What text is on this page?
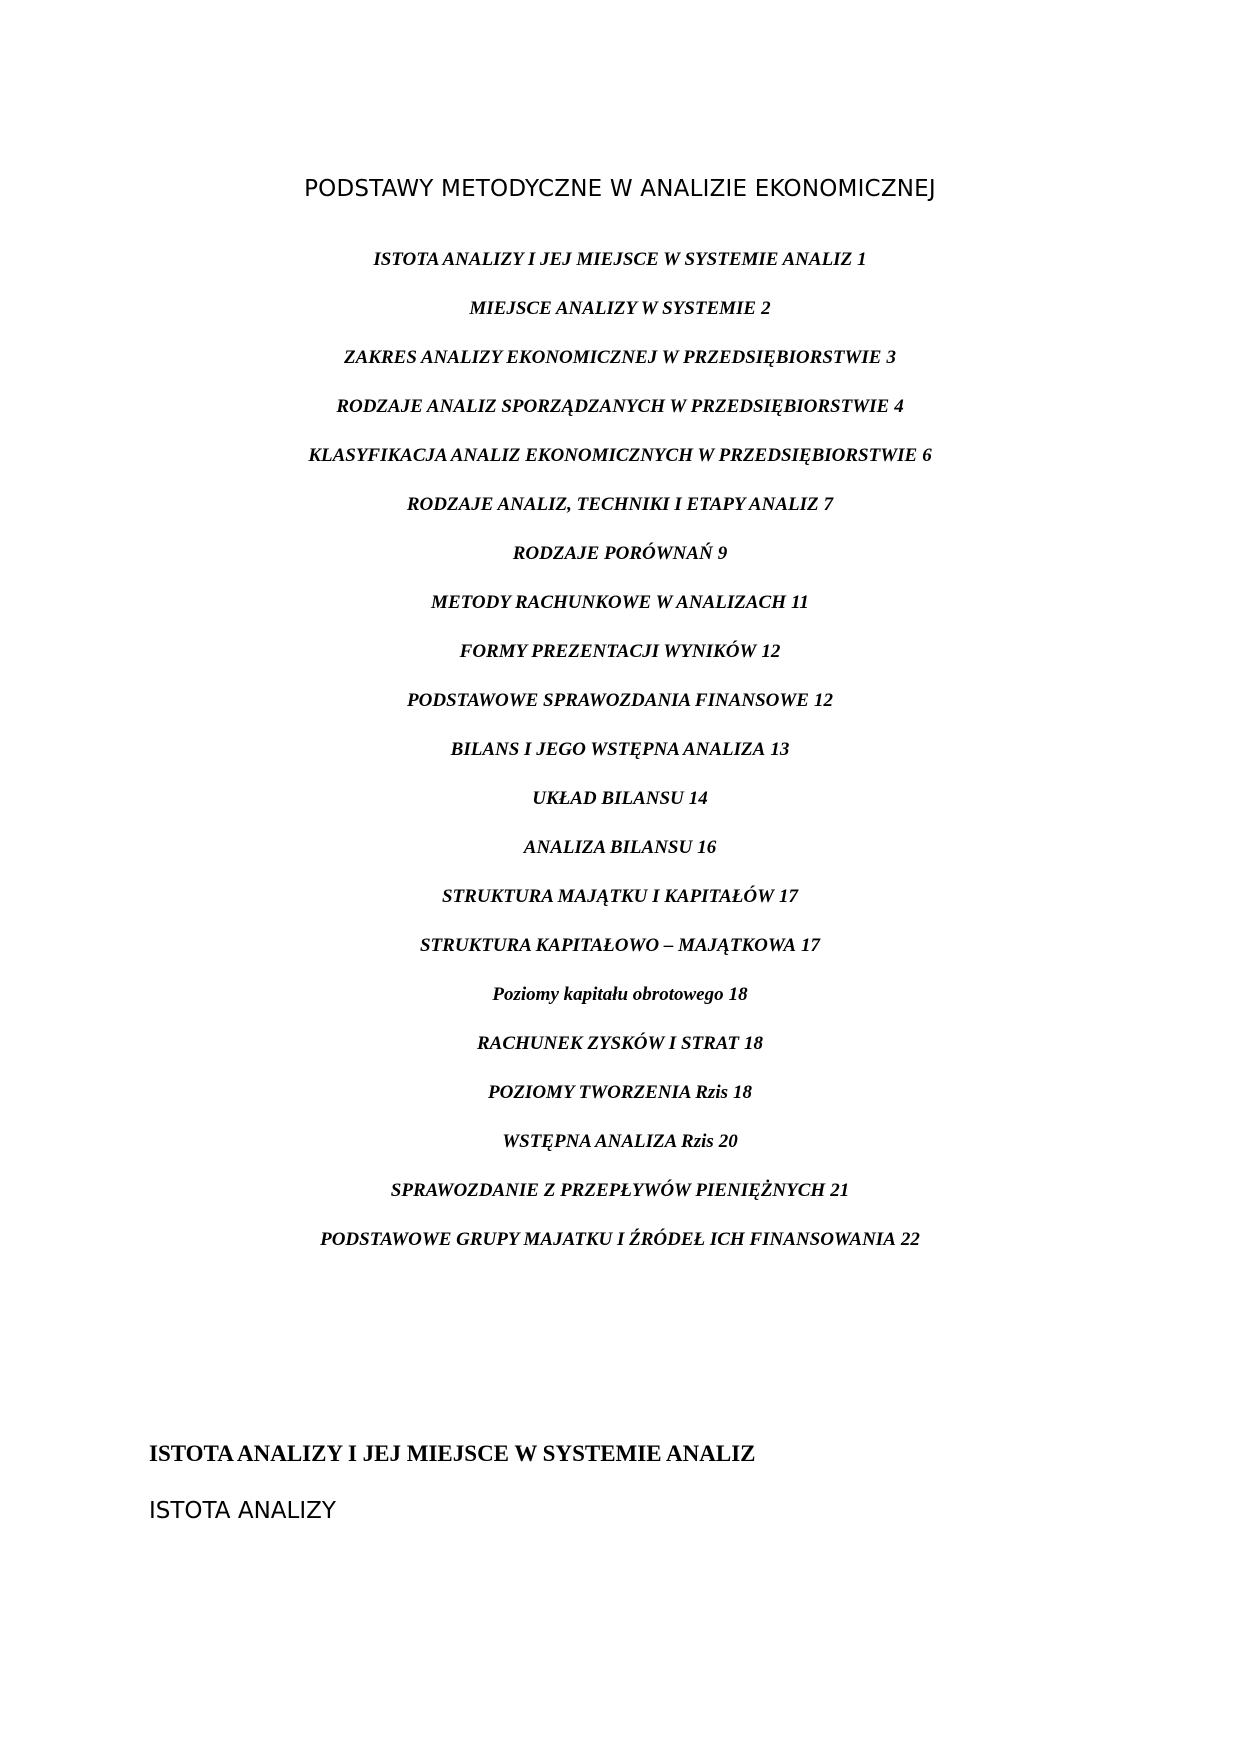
PODSTAWY METODYCZNE W ANALIZIE EKONOMICZNEJ
ISTOTA ANALIZY I JEJ MIEJSCE W SYSTEMIE ANALIZ 1
MIEJSCE ANALIZY W SYSTEMIE 2
ZAKRES ANALIZY EKONOMICZNEJ W PRZEDSIĘBIORSTWIE 3
RODZAJE ANALIZ SPORZĄDZANYCH W PRZEDSIĘBIORSTWIE 4
KLASYFIKACJA ANALIZ EKONOMICZNYCH W PRZEDSIĘBIORSTWIE 6
RODZAJE ANALIZ, TECHNIKI I ETAPY ANALIZ 7
RODZAJE PORÓWNAŃ 9
METODY RACHUNKOWE W ANALIZACH 11
FORMY PREZENTACJI WYNIKÓW 12
PODSTAWOWE SPRAWOZDANIA FINANSOWE 12
BILANS I JEGO WSTĘPNA ANALIZA 13
UKŁAD BILANSU 14
ANALIZA BILANSU 16
STRUKTURA MAJĄTKU I KAPITAŁÓW 17
STRUKTURA KAPITAŁOWO – MAJĄTKOWA 17
Poziomy kapitału obrotowego 18
RACHUNEK ZYSKÓW I STRAT 18
POZIOMY TWORZENIA Rzis 18
WSTĘPNA ANALIZA Rzis 20
SPRAWOZDANIE Z PRZEPŁYWÓW PIENIĘŻNYCH 21
PODSTAWOWE GRUPY MAJATKU I ŹRÓDEŁ ICH FINANSOWANIA 22
ISTOTA ANALIZY I JEJ MIEJSCE W SYSTEMIE ANALIZ
ISTOTA ANALIZY
